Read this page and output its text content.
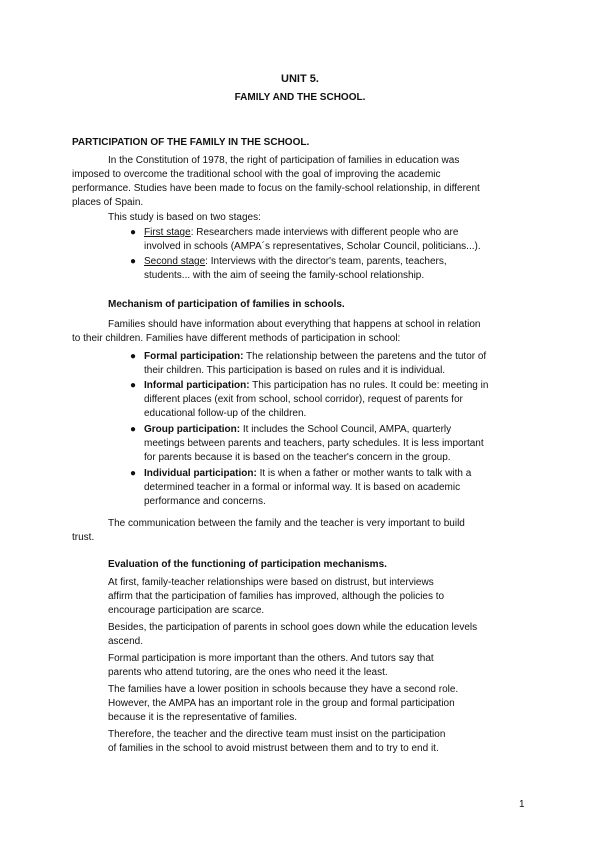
UNIT 5.
FAMILY AND THE SCHOOL.
PARTICIPATION OF THE FAMILY IN THE SCHOOL.
In the Constitution of 1978, the right of participation of families in education was
imposed to overcome the traditional school with the goal of improving the academic
performance. Studies have been made to focus on the family-school relationship, in different
places of Spain.
This study is based on two stages:
● First stage: Researchers made interviews with different people who are
involved in schools (AMPA´s representatives, Scholar Council, politicians...).
● Second stage: Interviews with the director's team, parents, teachers,
students... with the aim of seeing the family-school relationship.
Mechanism of participation of families in schools.
Families should have information about everything that happens at school in relation
to their children. Families have different methods of participation in school:
● Formal participation: The relationship between the paretens and the tutor of
their children. This participation is based on rules and it is individual.
● Informal participation: This participation has no rules. It could be: meeting in
different places (exit from school, school corridor), request of parents for
educational follow-up of the children.
● Group participation: It includes the School Council, AMPA, quarterly
meetings between parents and teachers, party schedules. It is less important
for parents because it is based on the teacher's concern in the group.
● Individual participation: It is when a father or mother wants to talk with a
determined teacher in a formal or informal way. It is based on academic
performance and concerns.
The communication between the family and the teacher is very important to build
trust.
Evaluation of the functioning of participation mechanisms.
At first, family-teacher relationships were based on distrust, but interviews
affirm that the participation of families has improved, although the policies to
encourage participation are scarce.
Besides, the participation of parents in school goes down while the education levels
ascend.
Formal participation is more important than the others. And tutors say that
parents who attend tutoring, are the ones who need it the least.
The families have a lower position in schools because they have a second role.
However, the AMPA has an important role in the group and formal participation
because it is the representative of families.
Therefore, the teacher and the directive team must insist on the participation
of families in the school to avoid mistrust between them and to try to end it.
1
